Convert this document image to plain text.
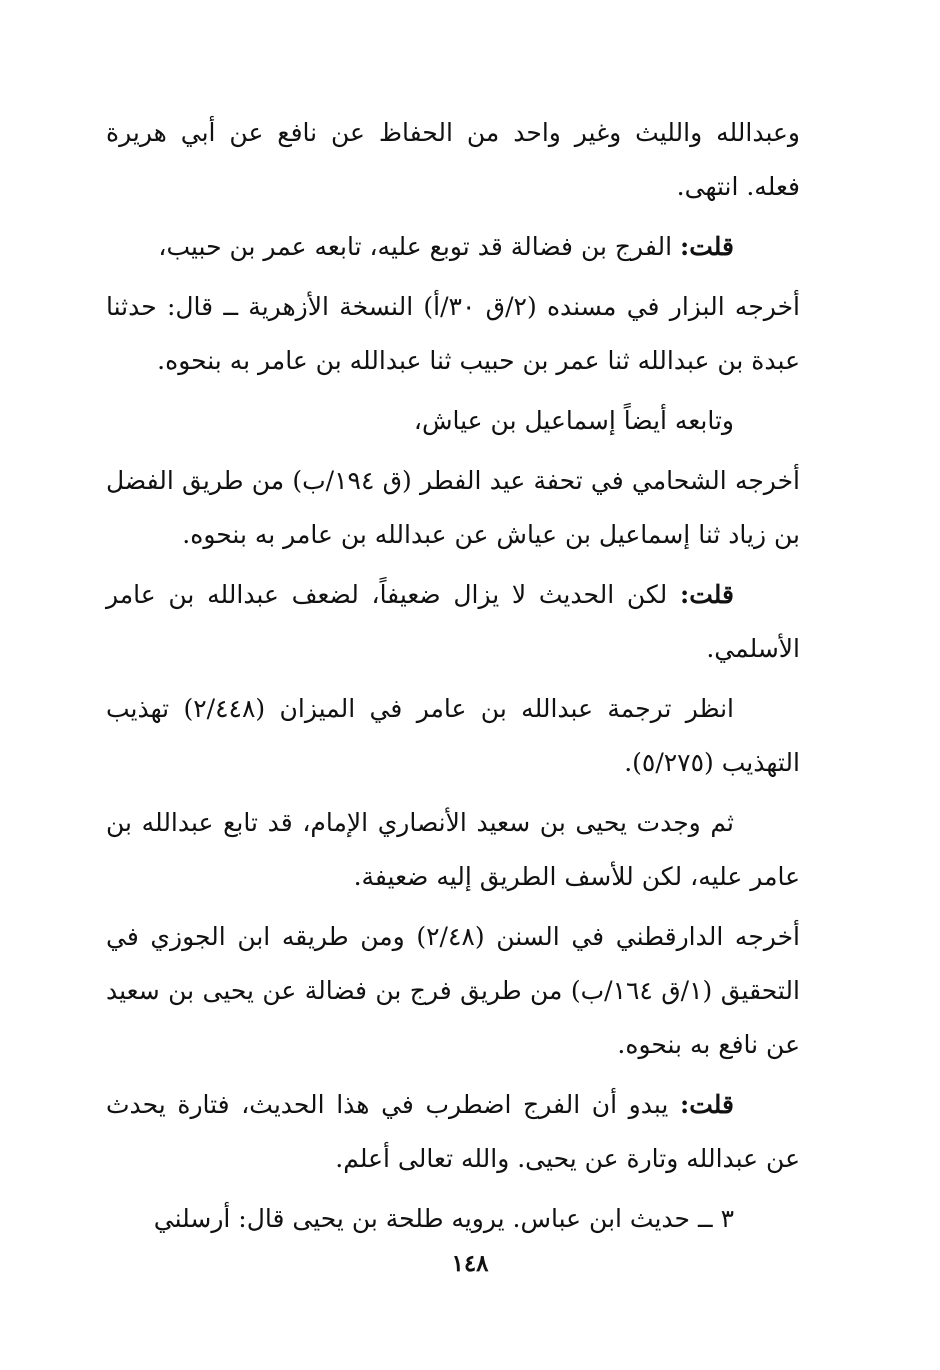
وعبدالله والليث وغير واحد من الحفاظ عن نافع عن أبي هريرة فعله. انتهى.

قلت: الفرج بن فضالة قد توبع عليه، تابعه عمر بن حبيب،

أخرجه البزار في مسنده (٢/ق ٣٠/أ) النسخة الأزهرية ــ قال: حدثنا عبدة بن عبدالله ثنا عمر بن حبيب ثنا عبدالله بن عامر به بنحوه.

وتابعه أيضاً إسماعيل بن عياش،

أخرجه الشحامي في تحفة عيد الفطر (ق ١٩٤/ب) من طريق الفضل بن زياد ثنا إسماعيل بن عياش عن عبدالله بن عامر به بنحوه.

قلت: لكن الحديث لا يزال ضعيفاً، لضعف عبدالله بن عامر الأسلمي.

انظر ترجمة عبدالله بن عامر في الميزان (٢/٤٤٨) تهذيب التهذيب (٥/٢٧٥).

ثم وجدت يحيى بن سعيد الأنصاري الإمام، قد تابع عبدالله بن عامر عليه، لكن للأسف الطريق إليه ضعيفة.

أخرجه الدارقطني في السنن (٢/٤٨) ومن طريقه ابن الجوزي في التحقيق (١/ق ١٦٤/ب) من طريق فرج بن فضالة عن يحيى بن سعيد عن نافع به بنحوه.

قلت: يبدو أن الفرج اضطرب في هذا الحديث، فتارة يحدث عن عبدالله وتارة عن يحيى. والله تعالى أعلم.

٣ ــ حديث ابن عباس. يرويه طلحة بن يحيى قال: أرسلني

١٤٨
